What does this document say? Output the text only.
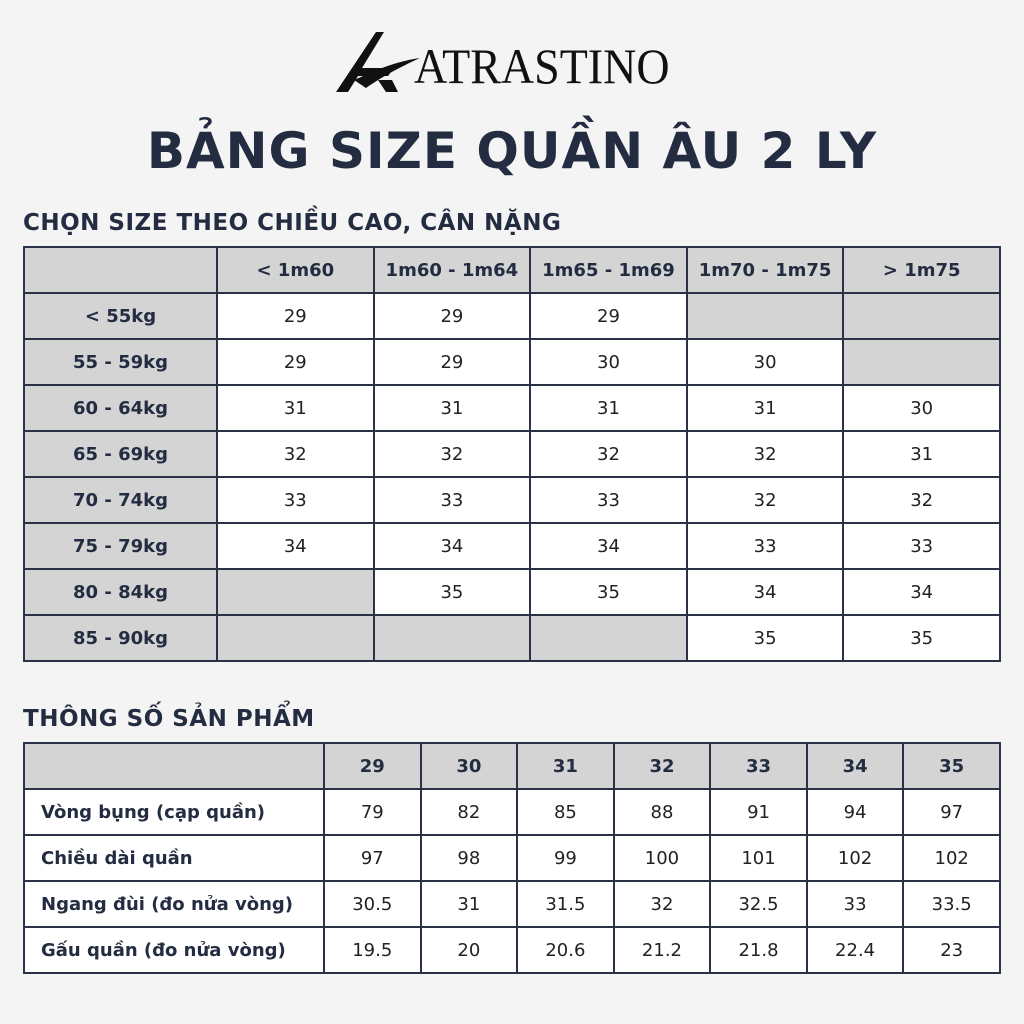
ATRASTINO
BẢNG SIZE QUẦN ÂU 2 LY
CHỌN SIZE THEO CHIỀU CAO, CÂN NẶNG
	< 1m60	1m60 - 1m64	1m65 - 1m69	1m70 - 1m75	> 1m75
< 55kg	29	29	29		
55 - 59kg	29	29	30	30	
60 - 64kg	31	31	31	31	30
65 - 69kg	32	32	32	32	31
70 - 74kg	33	33	33	32	32
75 - 79kg	34	34	34	33	33
80 - 84kg		35	35	34	34
85 - 90kg				35	35
THÔNG SỐ SẢN PHẨM
	29	30	31	32	33	34	35
Vòng bụng (cạp quần)	79	82	85	88	91	94	97
Chiều dài quần	97	98	99	100	101	102	102
Ngang đùi (đo nửa vòng)	30.5	31	31.5	32	32.5	33	33.5
Gấu quần (đo nửa vòng)	19.5	20	20.6	21.2	21.8	22.4	23
